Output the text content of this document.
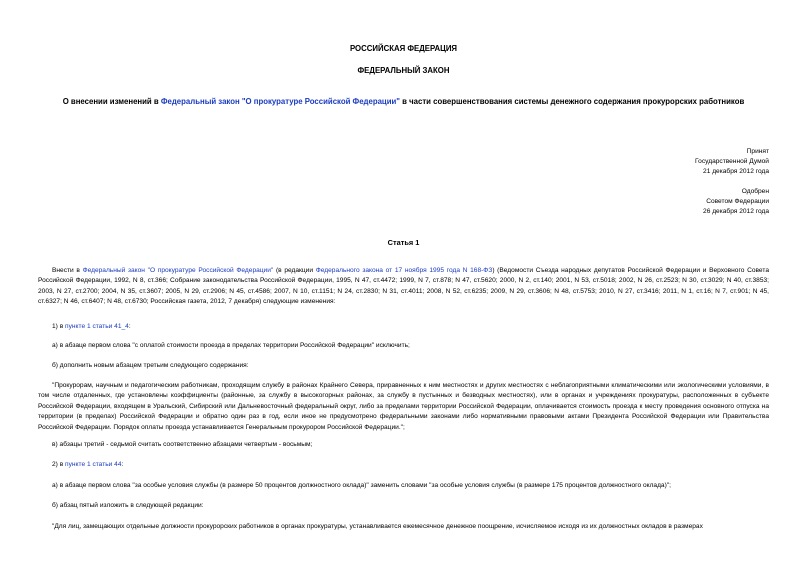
РОССИЙСКАЯ ФЕДЕРАЦИЯ
ФЕДЕРАЛЬНЫЙ ЗАКОН
О внесении изменений в Федеральный закон "О прокуратуре Российской Федерации" в части совершенствования системы денежного содержания прокурорских работников
Принят
Государственной Думой
21 декабря 2012 года
Одобрен
Советом Федерации
26 декабря 2012 года
Статья 1
Внести в Федеральный закон "О прокуратуре Российской Федерации" (в редакции Федерального закона от 17 ноября 1995 года N 168-ФЗ) (Ведомости Съезда народных депутатов Российской Федерации и Верховного Совета Российской Федерации, 1992, N 8, ст.366; Собрание законодательства Российской Федерации, 1995, N 47, ст.4472; 1999, N 7, ст.878; N 47, ст.5620; 2000, N 2, ст.140; 2001, N 53, ст.5018; 2002, N 26, ст.2523; N 30, ст.3029; N 40, ст.3853; 2003, N 27, ст.2700; 2004, N 35, ст.3607; 2005, N 29, ст.2906; N 45, ст.4586; 2007, N 10, ст.1151; N 24, ст.2830; N 31, ст.4011; 2008, N 52, ст.6235; 2009, N 29, ст.3606; N 48, ст.5753; 2010, N 27, ст.3416; 2011, N 1, ст.16; N 7, ст.901; N 45, ст.6327; N 46, ст.6407; N 48, ст.6730; Российская газета, 2012, 7 декабря) следующие изменения:
1) в пункте 1 статьи 41_4:
а) в абзаце первом слова "с оплатой стоимости проезда в пределах территории Российской Федерации" исключить;
б) дополнить новым абзацем третьим следующего содержания:
"Прокурорам, научным и педагогическим работникам, проходящим службу в районах Крайнего Севера, приравненных к ним местностях и других местностях с неблагоприятными климатическими или экологическими условиями, в том числе отдаленных, где установлены коэффициенты (районные, за службу в высокогорных районах, за службу в пустынных и безводных местностях), или в органах и учреждениях прокуратуры, расположенных в субъекте Российской Федерации, входящем в Уральский, Сибирский или Дальневосточный федеральный округ, либо за пределами территории Российской Федерации, оплачивается стоимость проезда к месту проведения основного отпуска на территории (в пределах) Российской Федерации и обратно один раз в год, если иное не предусмотрено федеральными законами либо нормативными правовыми актами Президента Российской Федерации или Правительства Российской Федерации. Порядок оплаты проезда устанавливается Генеральным прокурором Российской Федерации.";
в) абзацы третий - седьмой считать соответственно абзацами четвертым - восьмым;
2) в пункте 1 статьи 44:
а) в абзаце первом слова "за особые условия службы (в размере 50 процентов должностного оклада)" заменить словами "за особые условия службы (в размере 175 процентов должностного оклада)";
б) абзац пятый изложить в следующей редакции:
"Для лиц, замещающих отдельные должности прокурорских работников в органах прокуратуры, устанавливается ежемесячное денежное поощрение, исчисляемое исходя из их должностных окладов в размерах
